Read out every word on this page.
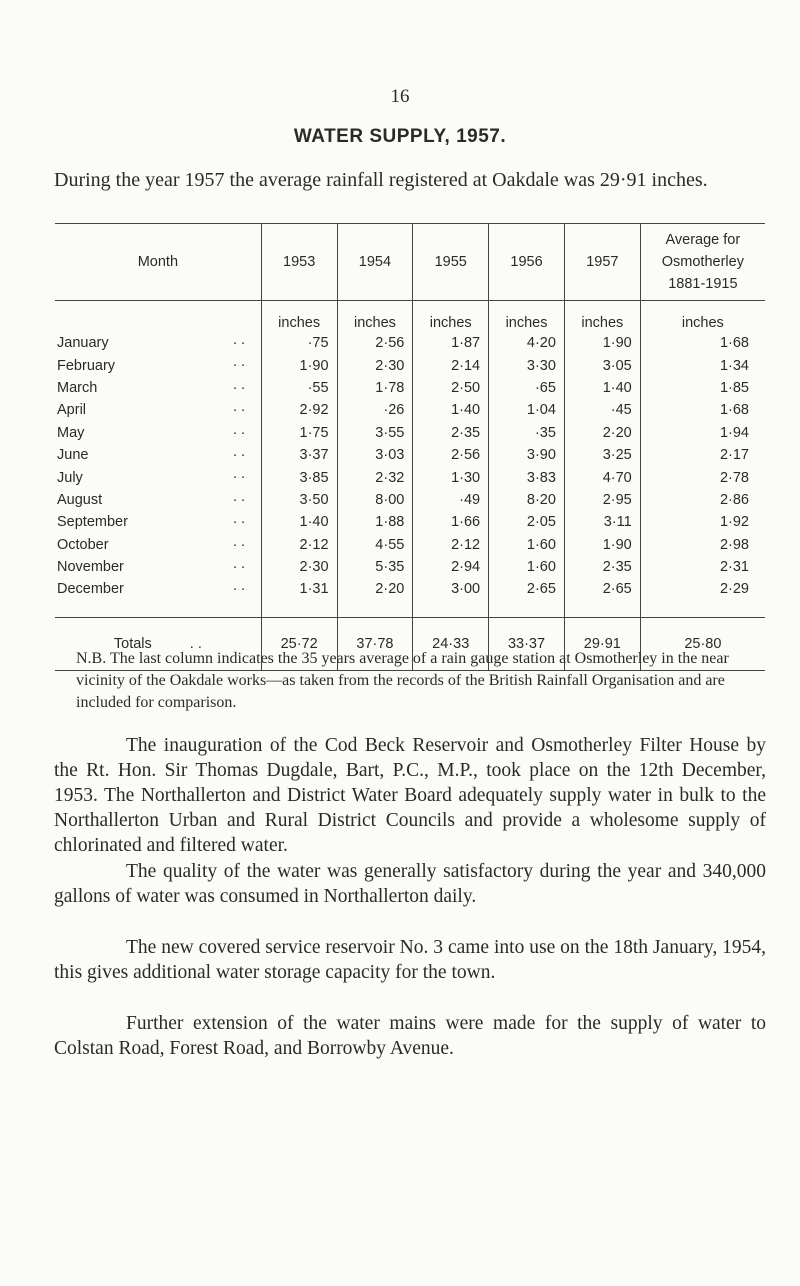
16
WATER SUPPLY, 1957.
During the year 1957 the average rainfall registered at Oakdale was 29·91 inches.
Month	1953	1954	1955	1956	1957	Average for
Osmotherley
1881-1915

	inches	inches	inches	inches	inches	inches
January . .	·75	2·56	1·87	4·20	1·90	1·68
February . .	1·90	2·30	2·14	3·30	3·05	1·34
March . .	·55	1·78	2·50	·65	1·40	1·85
April . .	2·92	·26	1·40	1·04	·45	1·68
May . .	1·75	3·55	2·35	·35	2·20	1·94
June . .	3·37	3·03	2·56	3·90	3·25	2·17
July . .	3·85	2·32	1·30	3·83	4·70	2·78
August . .	3·50	8·00	·49	8·20	2·95	2·86
September . .	1·40	1·88	1·66	2·05	3·11	1·92
October . .	2·12	4·55	2·12	1·60	1·90	2·98
November . .	2·30	5·35	2·94	1·60	2·35	2·31
December . .	1·31	2·20	3·00	2·65	2·65	2·29

Totals . .	25·72	37·78	24·33	33·37	29·91	25·80
N.B. The last column indicates the 35 years average of a rain gauge station at Osmotherley in the near vicinity of the Oakdale works—as taken from the records of the British Rainfall Organisation and are included for comparison.

The inauguration of the Cod Beck Reservoir and Osmotherley Filter House by the Rt. Hon. Sir Thomas Dugdale, Bart, P.C., M.P., took place on the 12th December, 1953. The Northallerton and District Water Board adequately supply water in bulk to the Northallerton Urban and Rural District Councils and provide a wholesome supply of chlorinated and filtered water.

The quality of the water was generally satisfactory during the year and 340,000 gallons of water was consumed in Northallerton daily.

The new covered service reservoir No. 3 came into use on the 18th January, 1954, this gives additional water storage capacity for the town.

Further extension of the water mains were made for the supply of water to Colstan Road, Forest Road, and Borrowby Avenue.
